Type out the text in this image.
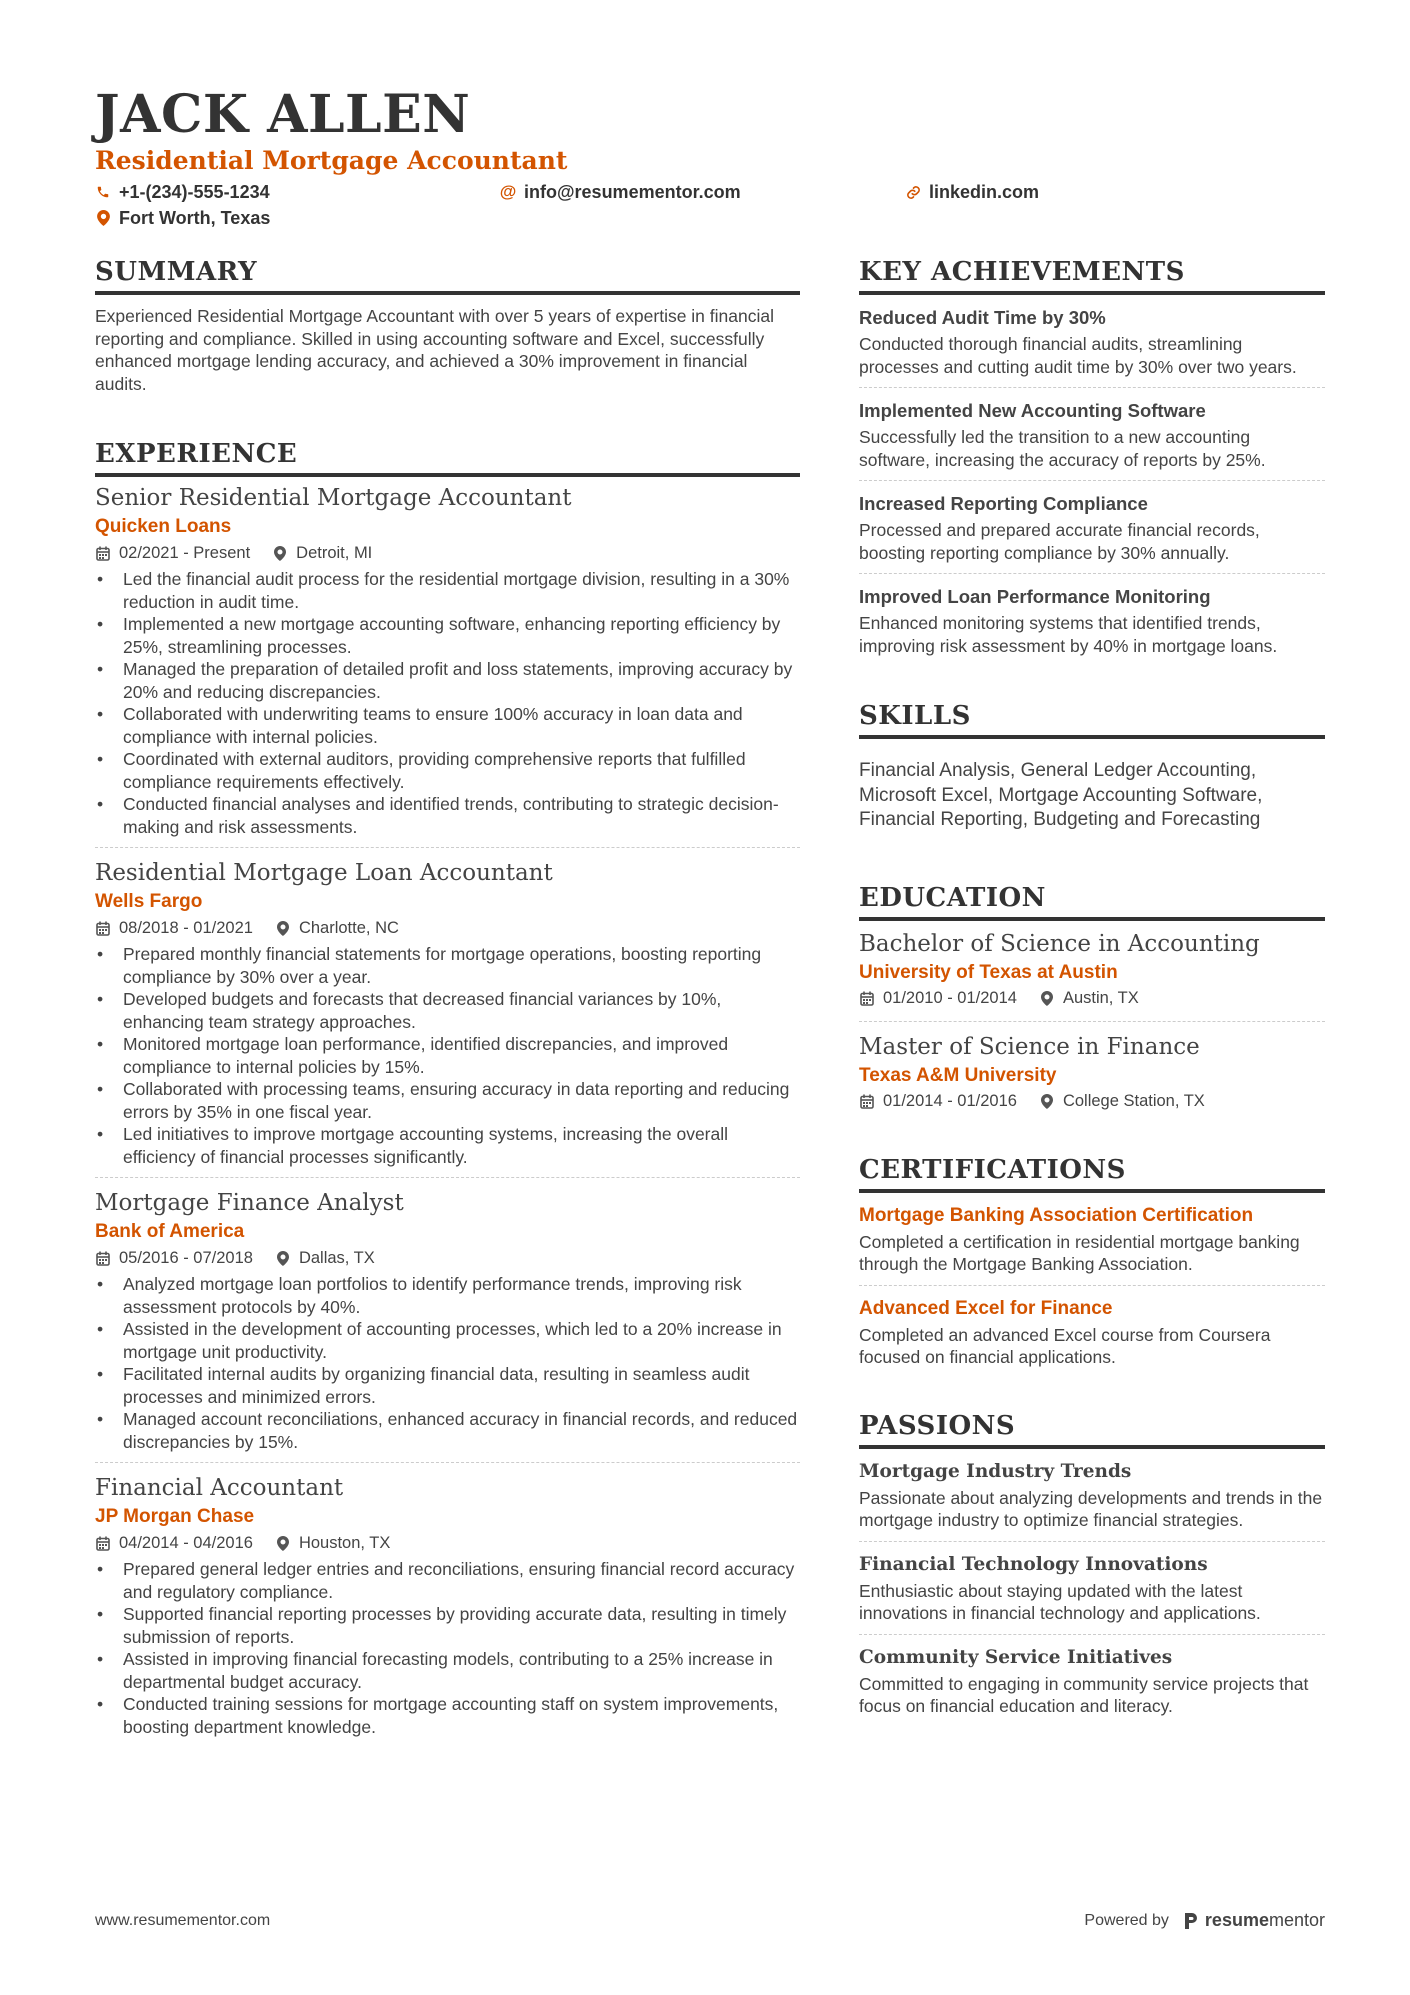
JACK ALLEN
Residential Mortgage Accountant
+1-(234)-555-1234	@ info@resumementor.com	linkedin.com
Fort Worth, Texas
SUMMARY
Experienced Residential Mortgage Accountant with over 5 years of expertise in financial reporting and compliance. Skilled in using accounting software and Excel, successfully enhanced mortgage lending accuracy, and achieved a 30% improvement in financial audits.
EXPERIENCE
Senior Residential Mortgage Accountant
Quicken Loans
02/2021 - Present	Detroit, MI
• Led the financial audit process for the residential mortgage division, resulting in a 30% reduction in audit time.
• Implemented a new mortgage accounting software, enhancing reporting efficiency by 25%, streamlining processes.
• Managed the preparation of detailed profit and loss statements, improving accuracy by 20% and reducing discrepancies.
• Collaborated with underwriting teams to ensure 100% accuracy in loan data and compliance with internal policies.
• Coordinated with external auditors, providing comprehensive reports that fulfilled compliance requirements effectively.
• Conducted financial analyses and identified trends, contributing to strategic decision-making and risk assessments.
Residential Mortgage Loan Accountant
Wells Fargo
08/2018 - 01/2021	Charlotte, NC
• Prepared monthly financial statements for mortgage operations, boosting reporting compliance by 30% over a year.
• Developed budgets and forecasts that decreased financial variances by 10%, enhancing team strategy approaches.
• Monitored mortgage loan performance, identified discrepancies, and improved compliance to internal policies by 15%.
• Collaborated with processing teams, ensuring accuracy in data reporting and reducing errors by 35% in one fiscal year.
• Led initiatives to improve mortgage accounting systems, increasing the overall efficiency of financial processes significantly.
Mortgage Finance Analyst
Bank of America
05/2016 - 07/2018	Dallas, TX
• Analyzed mortgage loan portfolios to identify performance trends, improving risk assessment protocols by 40%.
• Assisted in the development of accounting processes, which led to a 20% increase in mortgage unit productivity.
• Facilitated internal audits by organizing financial data, resulting in seamless audit processes and minimized errors.
• Managed account reconciliations, enhanced accuracy in financial records, and reduced discrepancies by 15%.
Financial Accountant
JP Morgan Chase
04/2014 - 04/2016	Houston, TX
• Prepared general ledger entries and reconciliations, ensuring financial record accuracy and regulatory compliance.
• Supported financial reporting processes by providing accurate data, resulting in timely submission of reports.
• Assisted in improving financial forecasting models, contributing to a 25% increase in departmental budget accuracy.
• Conducted training sessions for mortgage accounting staff on system improvements, boosting department knowledge.
KEY ACHIEVEMENTS
Reduced Audit Time by 30%
Conducted thorough financial audits, streamlining processes and cutting audit time by 30% over two years.
Implemented New Accounting Software
Successfully led the transition to a new accounting software, increasing the accuracy of reports by 25%.
Increased Reporting Compliance
Processed and prepared accurate financial records, boosting reporting compliance by 30% annually.
Improved Loan Performance Monitoring
Enhanced monitoring systems that identified trends, improving risk assessment by 40% in mortgage loans.
SKILLS
Financial Analysis, General Ledger Accounting, Microsoft Excel, Mortgage Accounting Software, Financial Reporting, Budgeting and Forecasting
EDUCATION
Bachelor of Science in Accounting
University of Texas at Austin
01/2010 - 01/2014	Austin, TX
Master of Science in Finance
Texas A&M University
01/2014 - 01/2016	College Station, TX
CERTIFICATIONS
Mortgage Banking Association Certification
Completed a certification in residential mortgage banking through the Mortgage Banking Association.
Advanced Excel for Finance
Completed an advanced Excel course from Coursera focused on financial applications.
PASSIONS
Mortgage Industry Trends
Passionate about analyzing developments and trends in the mortgage industry to optimize financial strategies.
Financial Technology Innovations
Enthusiastic about staying updated with the latest innovations in financial technology and applications.
Community Service Initiatives
Committed to engaging in community service projects that focus on financial education and literacy.
www.resumementor.com	Powered by resumementor
